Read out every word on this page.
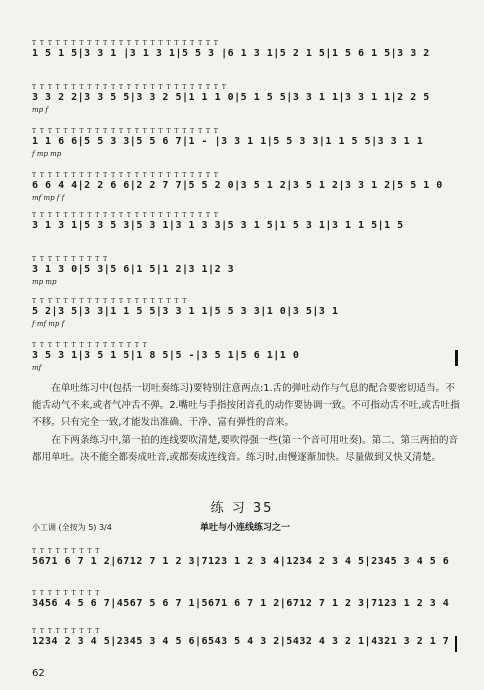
T T T T T T T T T T T T T T T T T T T T T T T T
1 5 1 5|3 3 1 |3 1 3 1|5 5 3 |6 1 3 1|5 2 1 5|1 5 6 1 5|3 3 2
T T T T T T T T T T T T T T T T T T T T T T T T T
3 3 2 2|3 3 5 5|3 3 2 5|1 1 1 0|5 1 5 5|3 3 1 1|3 3 1 1|2 2 5
mp f
T T T T T T T T T T T T T T T T T T T T T T T T
1 1 6 6|5 5 3 3|5 5 6 7|1 - |3 3 1 1|5 5 3 3|1 1 5 5|3 3 1 1
f mp mp
T T T T T T T T T T T T T T T T T T T T T T T T
6 6 4 4|2 2 6 6|2 2 7 7|5 5 2 0|3 5 1 2|3 5 1 2|3 3 1 2|5 5 1 0
mf mp f f
T T T T T T T T T T T T T T T T T T T T T T T T
3 1 3 1|5 3 5 3|5 3 1|3 1 3 3|5 3 1 5|1 5 3 1|3 1 1 5|1 5
T T T T T T T T T T
3 1 3 0|5 3|5 6|1 5|1 2|3 1|2 3
mp mp
T T T T T T T T T T T T T T T T T T T T
5 2|3 5|3 3|1 1 5 5|3 3 1 1|5 5 3 3|1 0|3 5|3 1
f mf mp f
T T T T T T T T T T T T T T T
3 5 3 1|3 5 1 5|1 8 5|5 -|3 5 1|5 6 1|1 0
mf
在单吐练习中(包括一切吐奏练习)要特别注意两点:1.舌的弹吐动作与气息的配合要密切适当。不能舌动气不来,或者气冲舌不弹。2.嘴吐与手指按闭音孔的动作要协调一致。不可指动舌不吐,或舌吐指不移。只有完全一致,才能发出准确、干净、富有弹性的音来。
在下两条练习中,第一拍的连线要吹清楚,要吹得强一些(第一个音可用吐奏)。第二、第三两拍的音都用单吐。决不能全都奏成吐音,或都奏成连线音。练习时,由慢逐渐加快。尽量做到又快又清楚。
练 习 35
小工调 (全按为 5) 3/4	单吐与小连线练习之一
T T T T T T T T T
5671 6 7 1 2|6712 7 1 2 3|7123 1 2 3 4|1234 2 3 4 5|2345 3 4 5 6
T T T T T T T T T
3456 4 5 6 7|4567 5 6 7 1|5671 6 7 1 2|6712 7 1 2 3|7123 1 2 3 4
T T T T T T T T T
1234 2 3 4 5|2345 3 4 5 6|6543 5 4 3 2|5432 4 3 2 1|4321 3 2 1 7
62
